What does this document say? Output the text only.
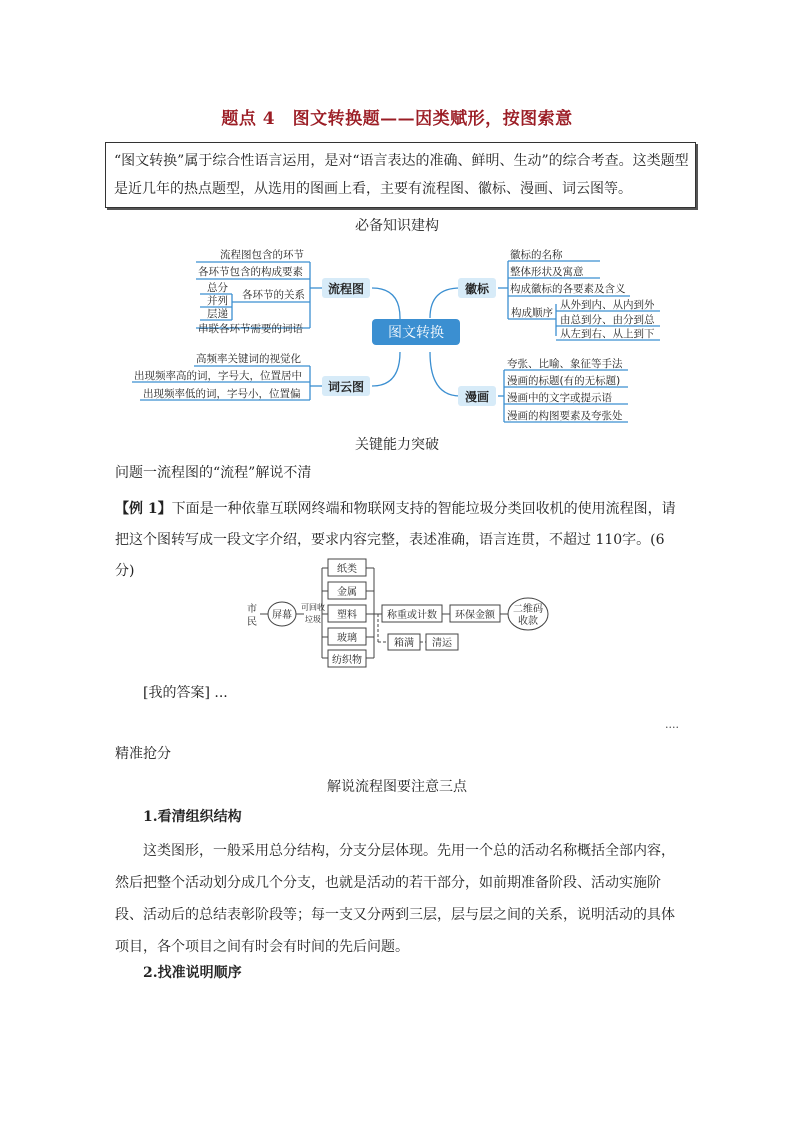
题点 4　图文转换题——因类赋形，按图索意
“图文转换”属于综合性语言运用，是对“语言表达的准确、鲜明、生动”的综合考查。这类题型是近几年的热点题型，从选用的图画上看，主要有流程图、徽标、漫画、词云图等。
必备知识建构
图文转换
流程图
词云图
徽标
漫画
流程图包含的环节
各环节包含的构成要素
总分
并列
层递
各环节的关系
串联各环节需要的词语
高频率关键词的视觉化
出现频率高的词，字号大，位置居中
出现频率低的词，字号小，位置偏
徽标的名称
整体形状及寓意
构成徽标的各要素及含义
构成顺序
从外到内、从内到外
由总到分、由分到总
从左到右、从上到下
夸张、比喻、象征等手法
漫画的标题(有的无标题)
漫画中的文字或提示语
漫画的构图要素及夸张处
关键能力突破
问题一流程图的“流程”解说不清
【例 1】下面是一种依靠互联网终端和物联网支持的智能垃圾分类回收机的使用流程图，请把这个图转写成一段文字介绍，要求内容完整，表述准确，语言连贯，不超过 110字。(6 分)
市
民
屏幕
可回收
垃圾
纸类
金属
塑料
玻璃
纺织物
称重或计数 环保金额
二维码
收款
箱满 清运
[我的答案] ...
....
精准抢分
解说流程图要注意三点
1.看清组织结构
这类图形，一般采用总分结构，分支分层体现。先用一个总的活动名称概括全部内容，然后把整个活动划分成几个分支，也就是活动的若干部分，如前期准备阶段、活动实施阶段、活动后的总结表彰阶段等；每一支又分两到三层，层与层之间的关系，说明活动的具体项目，各个项目之间有时会有时间的先后问题。
2.找准说明顺序
